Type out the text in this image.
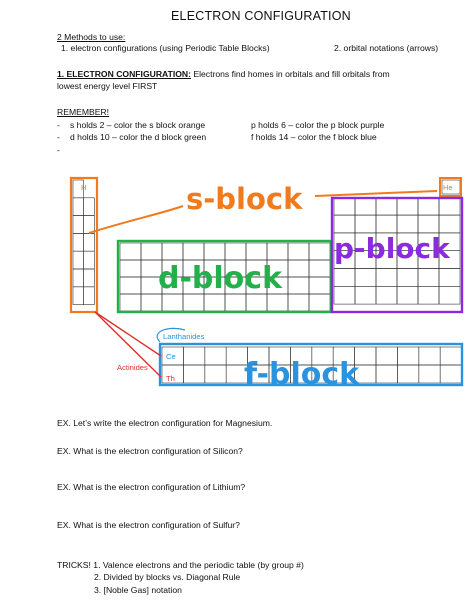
ELECTRON CONFIGURATION
2 Methods to use:
1. electron configurations (using Periodic Table Blocks)	2. orbital notations (arrows)
1. ELECTRON CONFIGURATION: Electrons find homes in orbitals and fill orbitals from
lowest energy level FIRST
REMEMBER!
- s holds 2 – color the s block orange	p holds 6 – color the p block purple
- d holds 10 – color the d block green	f holds 14 – color the f block blue
-
H	He
s-block
p-block
d-block
f-block
Lanthanides
Actinides
Ce
Th
EX. Let’s write the electron configuration for Magnesium.
EX. What is the electron configuration of Silicon?
EX. What is the electron configuration of Lithium?
EX. What is the electron configuration of Sulfur?
TRICKS! 1. Valence electrons and the periodic table (by group #)
2. Divided by blocks vs. Diagonal Rule
3. [Noble Gas] notation
